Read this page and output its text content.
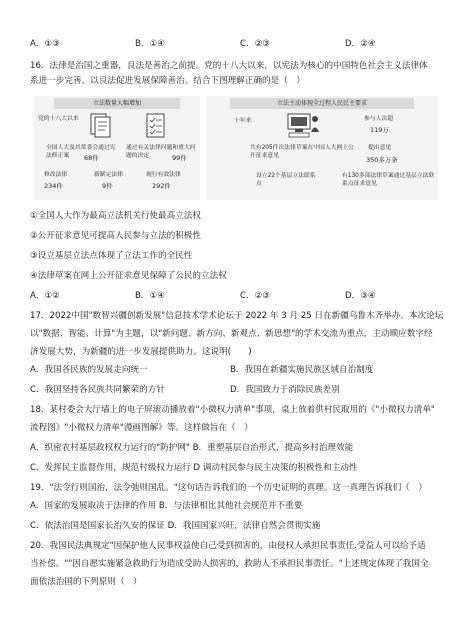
A．①③	B．①④	C．②③	D．②④
16．法律是治国之重器，良法是善治之前提。党的十八大以来，以宪法为核心的中国特色社会主义法律体
系进一步完善，以良法促进发展保障善治。结合下图理解正确的是（　）
立法数量大幅增加
党的十八大以来
全国人大及其常委会通过宪法修正案
通过有关法律问题和重大问题的决定
68件	99件
修改法律	新制定法律	现行有效法律
234件	9件	292件
立法主动体现全过程人民民主要求
十年来	参与人次超
119万
共有205件次法律草案在中国人大网上公开征求意见
提出意见
350多万条
设立22个基层立法联系点
有130多部法律草案通过基层立法联系点征求意见
①全国人大作为最高立法机关行使最高立法权
②公开征求意见可提高人民参与立法的积极性
③设立基层立法点体现了立法工作的全民性
④法律草案在网上公开征求意见保障了公民的立法权
A．①②	B．①④	C．②③	D．③④
17．2022中国"数智兴疆创新发展"信息技术学术论坛于 2022 年 3 月 25 日在新疆乌鲁木齐举办。本次论坛
以"数据、智能、计算"为主题，以"新问题、新方向、新观点、新思想"的学术交流为重点，主动顺应数字经
济发展大势，为新疆的进一步发展提供助力。这说明(　　)
A．我国各民族的发展走向统一	B．我国在新疆实施民族区域自治制度
C．我国坚持各民族共同繁荣的方针	D．我国致力于消除民族差别
18．某村委会大厅墙上的电子屏滚动播放着"小微权力清单"事项，桌上放着供村民取用的《"小微权力清单"
流程图》"小微权力清单"漫画图解》等。这样做旨在（　）
A．织密农村基层政权权力运行的"防护网" B．重塑基层自治形式，提高乡村治理效能
C．发挥民主监督作用，规范村级权力运行 D 调动村民参与民主决策的积极性和主动性
19．"法令行则国治，法令弛则国乱。"这句话告诉我们的一个历史证明的真理。这一真理告诉我们（　）
A．国家的发展取决于法律的作用 B．与法律相比其他社会规范并不重要
C．依法治国是国家长治久安的保证 D．我国国家兴旺，法律自然会贯彻实施
20．我国民法典规定"因保护他人民事权益使自己受到损害的，由侵权人承担民事责任.受益人可以给予适
当补偿。""因自愿实施紧急救助行为造成受助人损害的，救助人不承担民事责任。"上述规定体现了我国全
面依法治国的下列原则（　）
